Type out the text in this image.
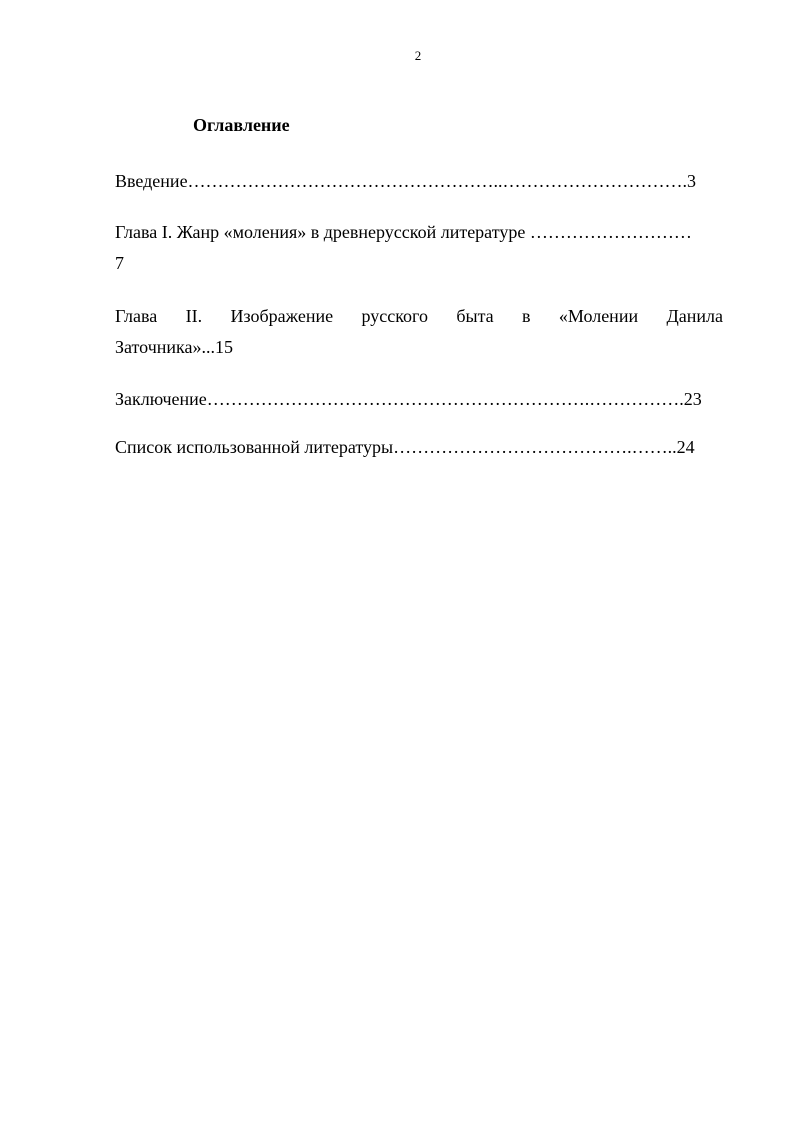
2
Оглавление
Введение……………………………………………..………………………….3
Глава I. Жанр «моления» в древнерусской литературе ………………………
7
Глава II. Изображение русского быта в «Молении Данила
Заточника»...15
Заключение……………………………………………………….…………….23
Список использованной литературы………………………………….……..24
